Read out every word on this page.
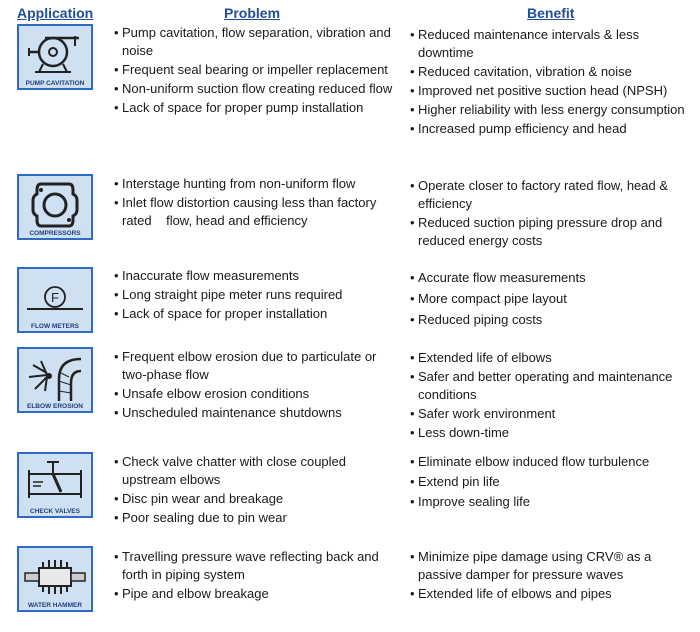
Application	Problem	Benefit
PUMP CAVITATION
• Pump cavitation, flow separation, vibration and noise
• Frequent seal bearing or impeller replacement
• Non-uniform suction flow creating reduced flow
• Lack of space for proper pump installation
• Reduced maintenance intervals & less downtime
• Reduced cavitation, vibration & noise
• Improved net positive suction head (NPSH)
• Higher reliability with less energy consumption
• Increased pump efficiency and head
COMPRESSORS
• Interstage hunting from non-uniform flow
• Inlet flow distortion causing less than factory rated    flow, head and efficiency
• Operate closer to factory rated flow, head & efficiency
• Reduced suction piping pressure drop and reduced energy costs
F
FLOW METERS
• Inaccurate flow measurements
• Long straight pipe meter runs required
• Lack of space for proper installation
• Accurate flow measurements
• More compact pipe layout
• Reduced piping costs
ELBOW EROSION
• Frequent elbow erosion due to particulate or two-phase flow
• Unsafe elbow erosion conditions
• Unscheduled maintenance shutdowns
• Extended life of elbows
• Safer and better operating and maintenance conditions
• Safer work environment
• Less down-time
CHECK VALVES
• Check valve chatter with close coupled upstream elbows
• Disc pin wear and breakage
• Poor sealing due to pin wear
• Eliminate elbow induced flow turbulence
• Extend pin life
• Improve sealing life
WATER HAMMER
• Travelling pressure wave reflecting back and forth in piping system
• Pipe and elbow breakage
• Minimize pipe damage using CRV® as a passive damper for pressure waves
• Extended life of elbows and pipes
